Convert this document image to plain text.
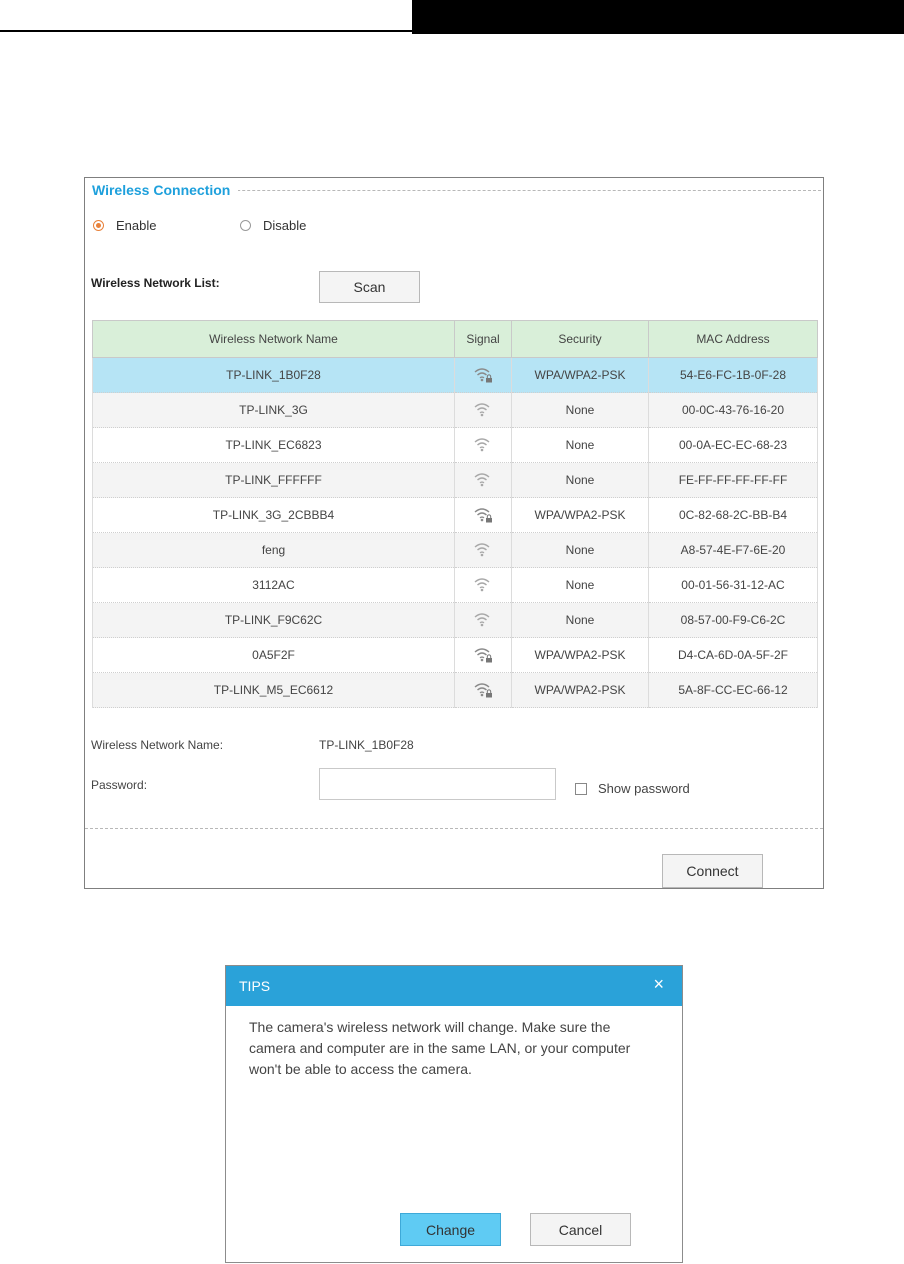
Wireless Connection
Enable	Disable
Wireless Network List:	Scan
Wireless Network Name	Signal	Security	MAC Address
TP-LINK_1B0F28		WPA/WPA2-PSK	54-E6-FC-1B-0F-28
TP-LINK_3G		None	00-0C-43-76-16-20
TP-LINK_EC6823		None	00-0A-EC-EC-68-23
TP-LINK_FFFFFF		None	FE-FF-FF-FF-FF-FF
TP-LINK_3G_2CBBB4		WPA/WPA2-PSK	0C-82-68-2C-BB-B4
feng		None	A8-57-4E-F7-6E-20
3112AC		None	00-01-56-31-12-AC
TP-LINK_F9C62C		None	08-57-00-F9-C6-2C
0A5F2F		WPA/WPA2-PSK	D4-CA-6D-0A-5F-2F
TP-LINK_M5_EC6612		WPA/WPA2-PSK	5A-8F-CC-EC-66-12
Wireless Network Name:	TP-LINK_1B0F28
Password:	Show password
Connect
TIPS	×
The camera's wireless network will change. Make sure the camera and computer are in the same LAN, or your computer won't be able to access the camera.
Change	Cancel
